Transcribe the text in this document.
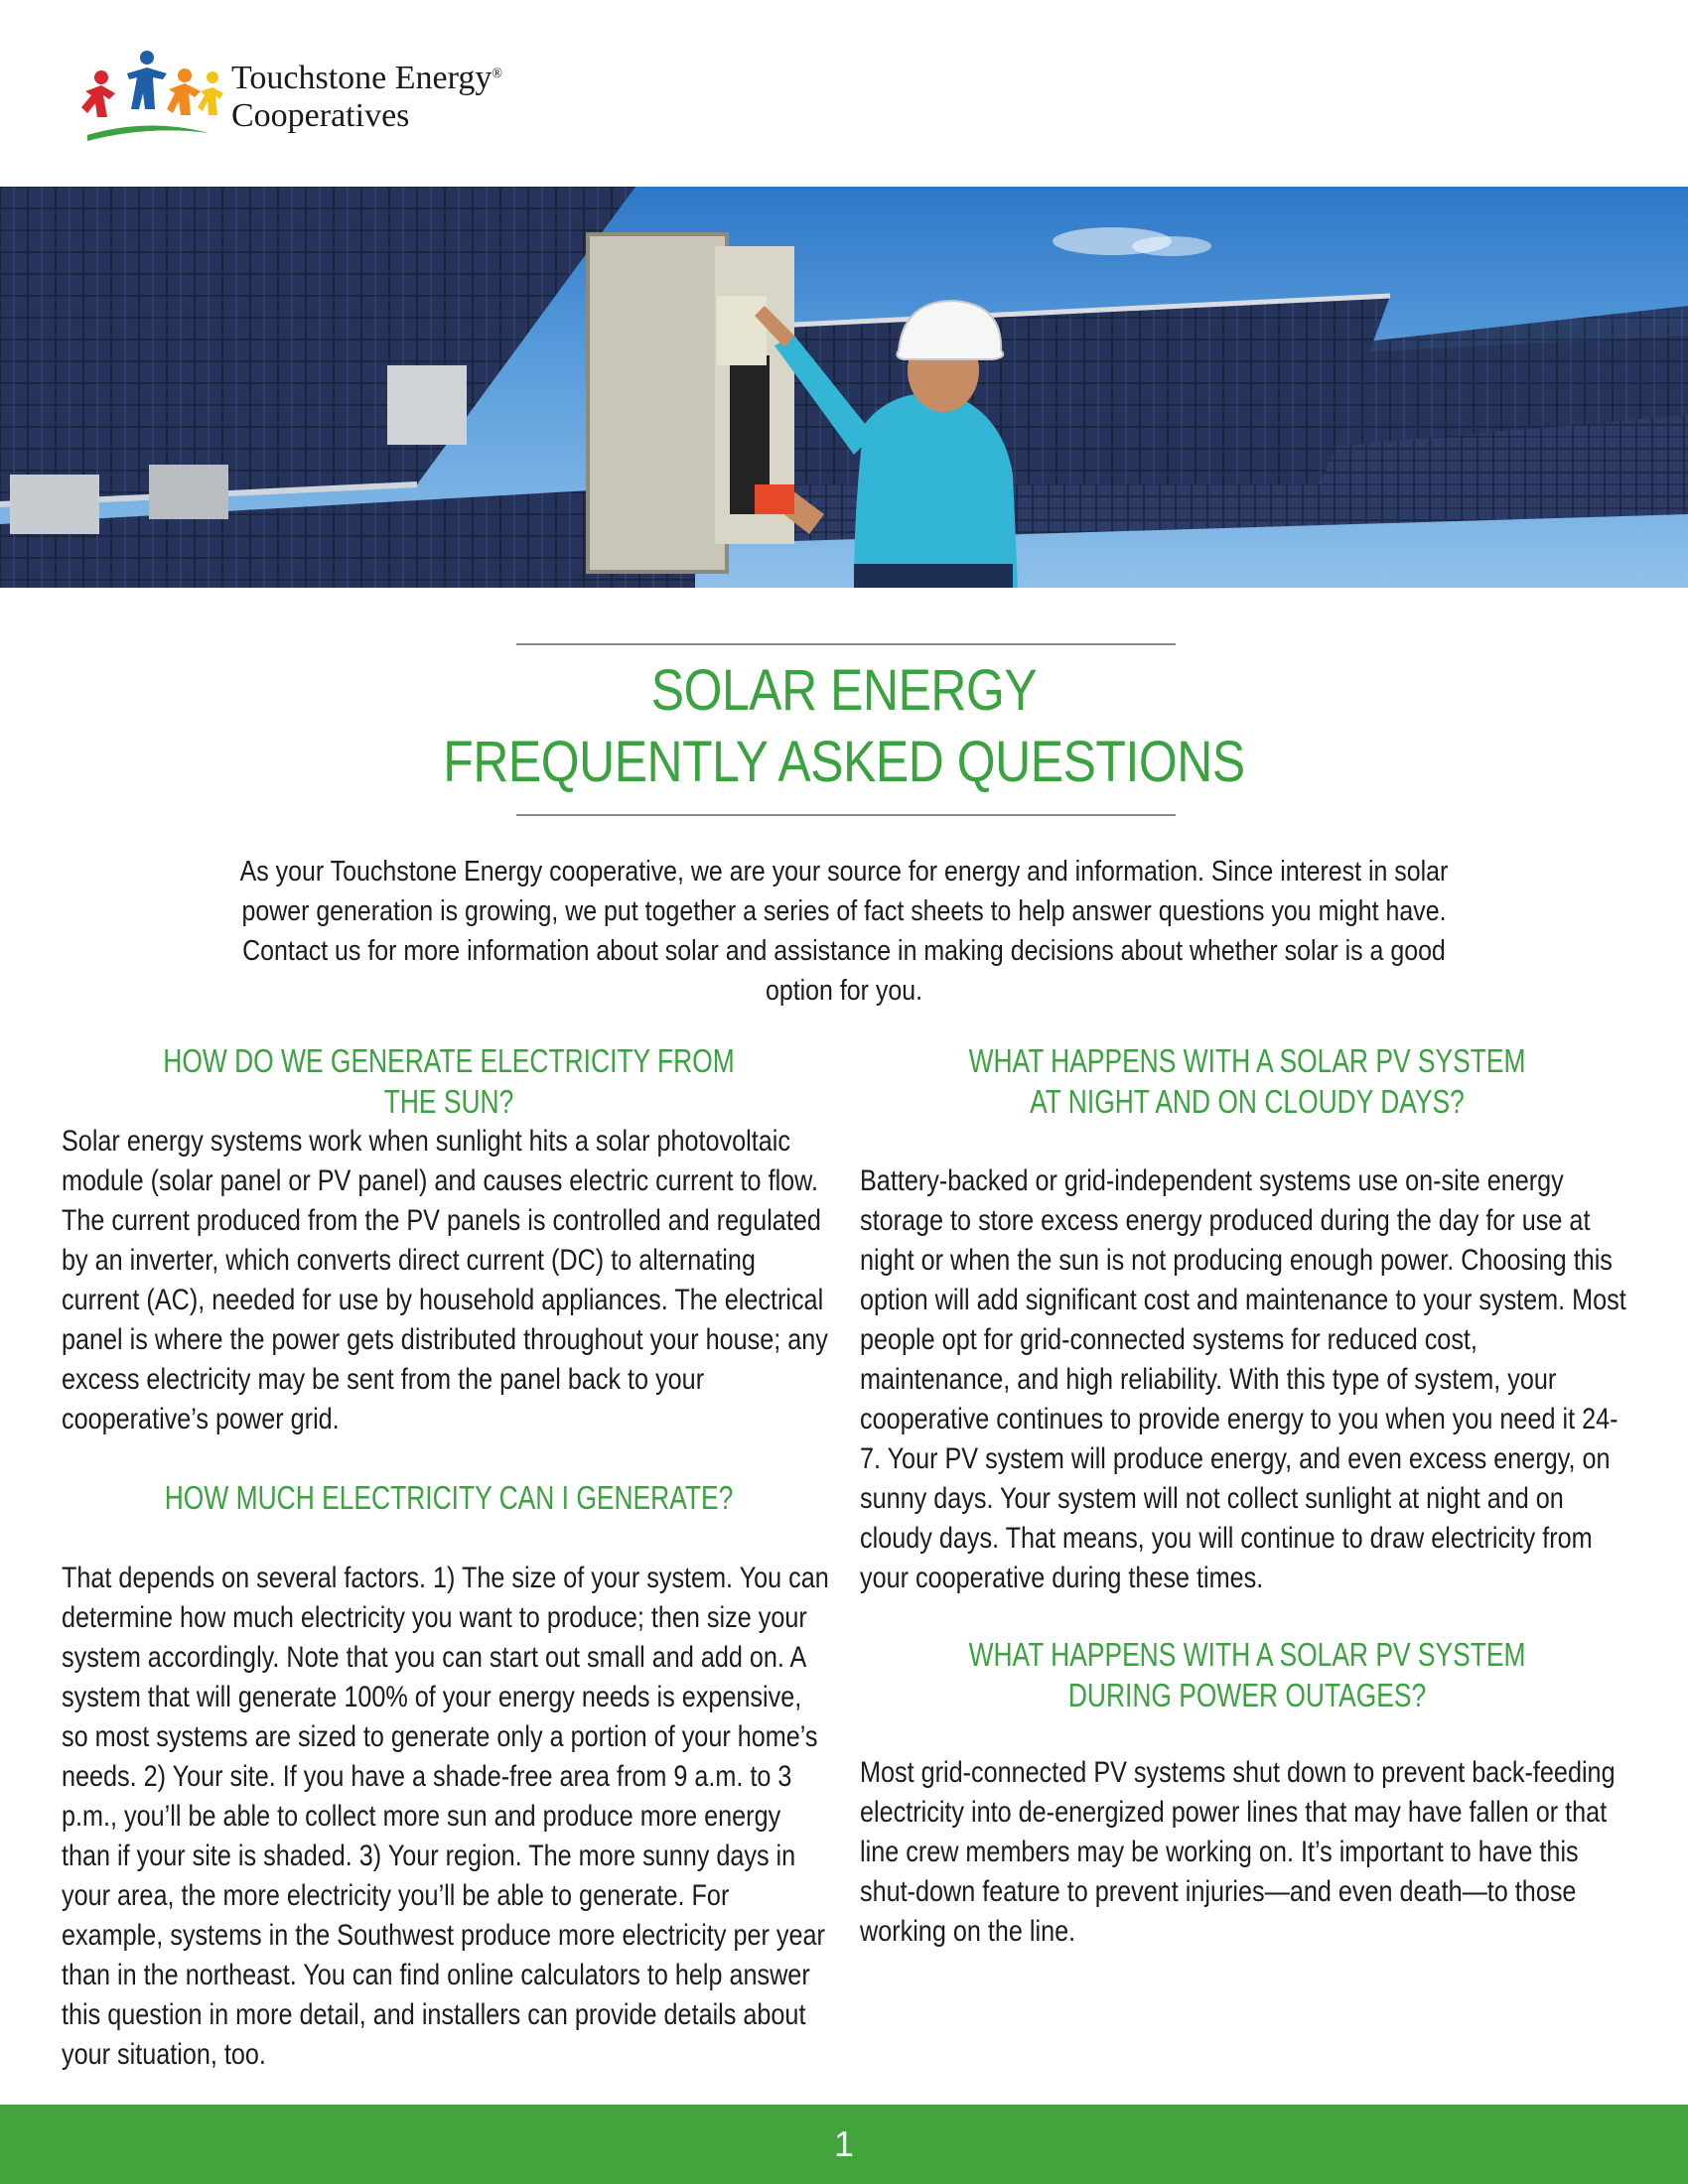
Touchstone Energy®
Cooperatives
SOLAR ENERGY
FREQUENTLY ASKED QUESTIONS

As your Touchstone Energy cooperative, we are your source for energy and information. Since interest in solar power generation is growing, we put together a series of fact sheets to help answer questions you might have. Contact us for more information about solar and assistance in making decisions about whether solar is a good option for you.

HOW DO WE GENERATE ELECTRICITY FROM THE SUN?

Solar energy systems work when sunlight hits a solar photovoltaic module (solar panel or PV panel) and causes electric current to flow. The current produced from the PV panels is controlled and regulated by an inverter, which converts direct current (DC) to alternating current (AC), needed for use by household appliances. The electrical panel is where the power gets distributed throughout your house; any excess electricity may be sent from the panel back to your cooperative’s power grid.

HOW MUCH ELECTRICITY CAN I GENERATE?

That depends on several factors. 1) The size of your system. You can determine how much electricity you want to produce; then size your system accordingly. Note that you can start out small and add on. A system that will generate 100% of your energy needs is expensive, so most systems are sized to generate only a portion of your home’s needs. 2) Your site. If you have a shade-free area from 9 a.m. to 3 p.m., you’ll be able to collect more sun and produce more energy than if your site is shaded. 3) Your region. The more sunny days in your area, the more electricity you’ll be able to generate. For example, systems in the Southwest produce more electricity per year than in the northeast. You can find online calculators to help answer this question in more detail, and installers can provide details about your situation, too.

WHAT HAPPENS WITH A SOLAR PV SYSTEM
AT NIGHT AND ON CLOUDY DAYS?

Battery-backed or grid-independent systems use on-site energy storage to store excess energy produced during the day for use at night or when the sun is not producing enough power. Choosing this option will add significant cost and maintenance to your system. Most people opt for grid-connected systems for reduced cost, maintenance, and high reliability. With this type of system, your cooperative continues to provide energy to you when you need it 24-7. Your PV system will produce energy, and even excess energy, on sunny days. Your system will not collect sunlight at night and on cloudy days. That means, you will continue to draw electricity from your cooperative during these times.

WHAT HAPPENS WITH A SOLAR PV SYSTEM
DURING POWER OUTAGES?

Most grid-connected PV systems shut down to prevent back-feeding electricity into de-energized power lines that may have fallen or that line crew members may be working on. It’s important to have this shut-down feature to prevent injuries—and even death—to those working on the line.

1
